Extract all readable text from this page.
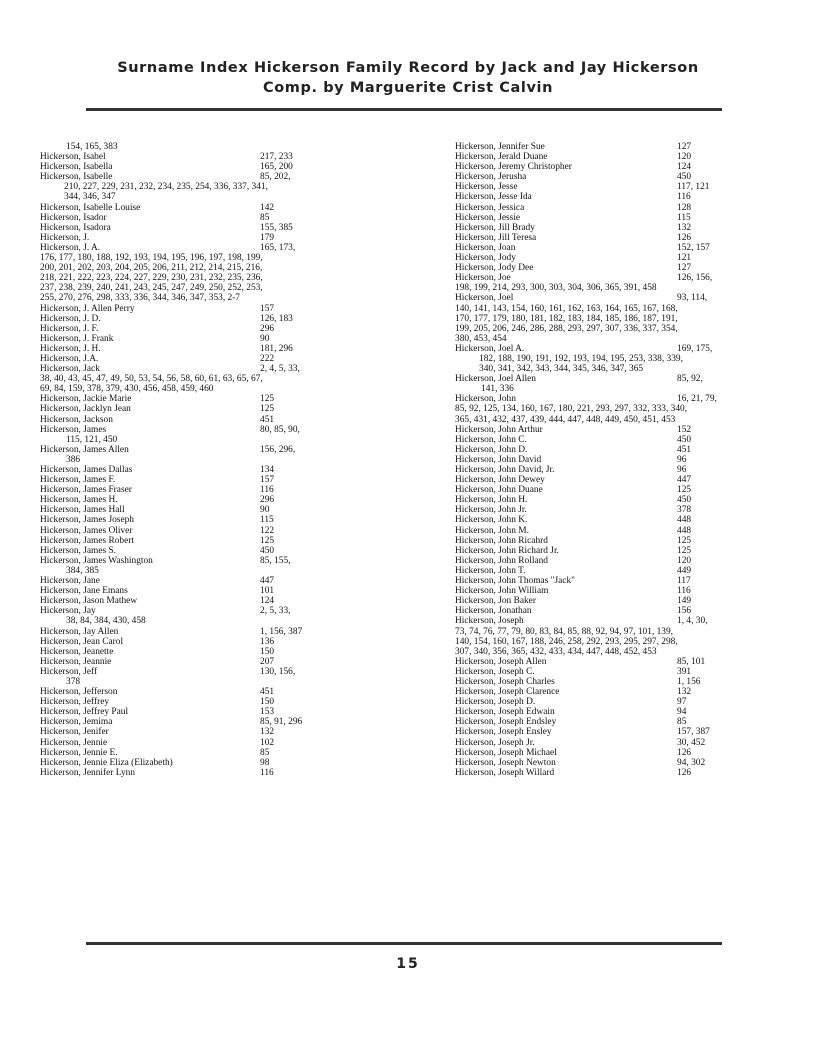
Surname Index Hickerson Family Record by Jack and Jay Hickerson
Comp. by Marguerite Crist Calvin
154, 165, 383
Hickerson, Isabel	217, 233
Hickerson, Isabella	165, 200
Hickerson, Isabelle	85, 202,
210, 227, 229, 231, 232, 234, 235, 254, 336, 337, 341,
344, 346, 347
Hickerson, Isabelle Louise	142
Hickerson, Isador	85
Hickerson, Isadora	155, 385
Hickerson, J.	179
Hickerson, J. A.	165, 173,
176, 177, 180, 188, 192, 193, 194, 195, 196, 197, 198, 199,
200, 201, 202, 203, 204, 205, 206, 211, 212, 214, 215, 216,
218, 221, 222, 223, 224, 227, 229, 230, 231, 232, 235, 236,
237, 238, 239, 240, 241, 243, 245, 247, 249, 250, 252, 253,
255, 270, 276, 298, 333, 336, 344, 346, 347, 353, 2-7
Hickerson, J. Allen Perry	157
Hickerson, J. D.	126, 183
Hickerson, J. F.	296
Hickerson, J. Frank	90
Hickerson, J. H.	181, 296
Hickerson, J.A.	222
Hickerson, Jack	2, 4, 5, 33,
38, 40, 43, 45, 47, 49, 50, 53, 54, 56, 58, 60, 61, 63, 65, 67,
69, 84, 159, 378, 379, 430, 456, 458, 459, 460
Hickerson, Jackie Marie	125
Hickerson, Jacklyn Jean	125
Hickerson, Jackson	451
Hickerson, James	80, 85, 90,
115, 121, 450
Hickerson, James Allen	156, 296,
386
Hickerson, James Dallas	134
Hickerson, James F.	157
Hickerson, James Fraser	116
Hickerson, James H.	296
Hickerson, James Hall	90
Hickerson, James Joseph	115
Hickerson, James Oliver	122
Hickerson, James Robert	125
Hickerson, James S.	450
Hickerson, James Washington	85, 155,
384, 385
Hickerson, Jane	447
Hickerson, Jane Emans	101
Hickerson, Jason Mathew	124
Hickerson, Jay	2, 5, 33,
38, 84, 384, 430, 458
Hickerson, Jay Allen	1, 156, 387
Hickerson, Jean Carol	136
Hickerson, Jeanette	150
Hickerson, Jeannie	207
Hickerson, Jeff	130, 156,
378
Hickerson, Jefferson	451
Hickerson, Jeffrey	150
Hickerson, Jeffrey Paul	153
Hickerson, Jemima	85, 91, 296
Hickerson, Jenifer	132
Hickerson, Jennie	102
Hickerson, Jennie E.	85
Hickerson, Jennie Eliza (Elizabeth)	98
Hickerson, Jennifer Lynn	116
Hickerson, Jennifer Sue	127
Hickerson, Jerald Duane	120
Hickerson, Jeremy Christopher	124
Hickerson, Jerusha	450
Hickerson, Jesse	117, 121
Hickerson, Jesse Ida	116
Hickerson, Jessica	128
Hickerson, Jessie	115
Hickerson, Jill Brady	132
Hickerson, Jill Teresa	126
Hickerson, Joan	152, 157
Hickerson, Jody	121
Hickerson, Jody Dee	127
Hickerson, Joe	126, 156,
198, 199, 214, 293, 300, 303, 304, 306, 365, 391, 458
Hickerson, Joel	93, 114,
140, 141, 143, 154, 160, 161, 162, 163, 164, 165, 167, 168,
170, 177, 179, 180, 181, 182, 183, 184, 185, 186, 187, 191,
199, 205, 206, 246, 286, 288, 293, 297, 307, 336, 337, 354,
380, 453, 454
Hickerson, Joel A.	169, 175,
182, 188, 190, 191, 192, 193, 194, 195, 253, 338, 339,
340, 341, 342, 343, 344, 345, 346, 347, 365
Hickerson, Joel Allen	85, 92,
141, 336
Hickerson, John	16, 21, 79,
85, 92, 125, 134, 160, 167, 180, 221, 293, 297, 332, 333, 340,
365, 431, 432, 437, 439, 444, 447, 448, 449, 450, 451, 453
Hickerson, John Arthur	152
Hickerson, John C.	450
Hickerson, John D.	451
Hickerson, John David	96
Hickerson, John David, Jr.	96
Hickerson, John Dewey	447
Hickerson, John Duane	125
Hickerson, John H.	450
Hickerson, John Jr.	378
Hickerson, John K.	448
Hickerson, John M.	448
Hickerson, John Ricahrd	125
Hickerson, John Richard Jr.	125
Hickerson, John Rolland	120
Hickerson, John T.	449
Hickerson, John Thomas "Jack"	117
Hickerson, John William	116
Hickerson, Jon Baker	149
Hickerson, Jonathan	156
Hickerson, Joseph	1, 4, 30,
73, 74, 76, 77, 79, 80, 83, 84, 85, 88, 92, 94, 97, 101, 139,
140, 154, 160, 167, 188, 246, 258, 292, 293, 295, 297, 298,
307, 340, 356, 365, 432, 433, 434, 447, 448, 452, 453
Hickerson, Joseph Allen	85, 101
Hickerson, Joseph C.	391
Hickerson, Joseph Charles	1, 156
Hickerson, Joseph Clarence	132
Hickerson, Joseph D.	97
Hickerson, Joseph Edwain	94
Hickerson, Joseph Endsley	85
Hickerson, Joseph Ensley	157, 387
Hickerson, Joseph Jr.	30, 452
Hickerson, Joseph Michael	126
Hickerson, Joseph Newton	94, 302
Hickerson, Joseph Willard	126
15
